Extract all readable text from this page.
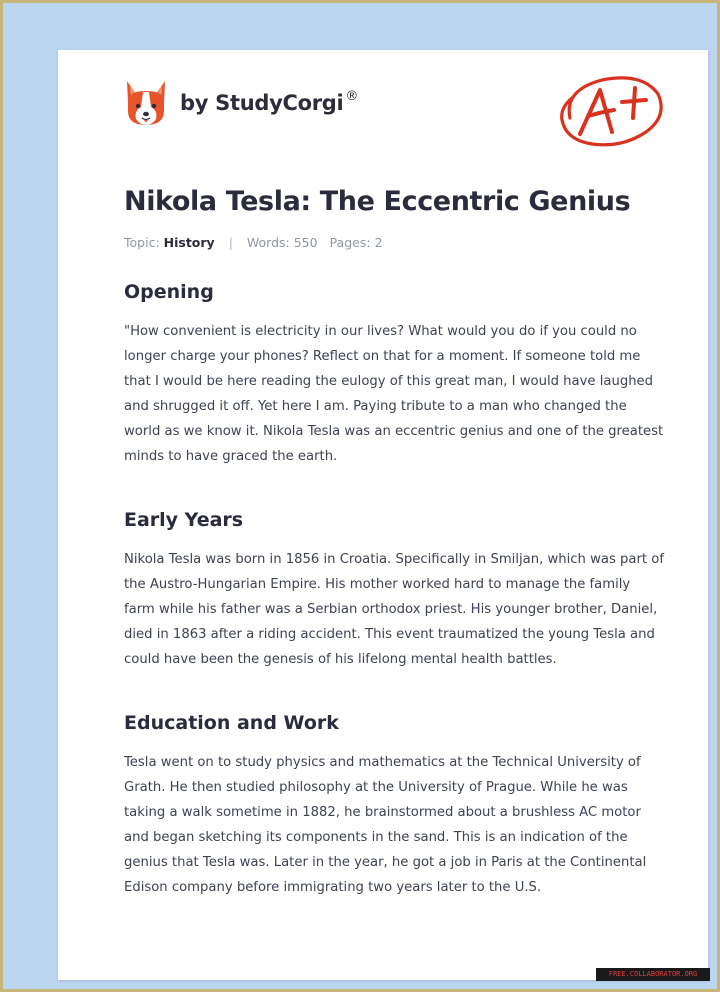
by StudyCorgi ®
Nikola Tesla: The Eccentric Genius
Topic: History | Words: 550 Pages: 2
Opening

"How convenient is electricity in our lives? What would you do if you could no longer charge your phones? Reflect on that for a moment. If someone told me that I would be here reading the eulogy of this great man, I would have laughed and shrugged it off. Yet here I am. Paying tribute to a man who changed the world as we know it. Nikola Tesla was an eccentric genius and one of the greatest minds to have graced the earth.

Early Years

Nikola Tesla was born in 1856 in Croatia. Specifically in Smiljan, which was part of the Austro-Hungarian Empire. His mother worked hard to manage the family farm while his father was a Serbian orthodox priest. His younger brother, Daniel, died in 1863 after a riding accident. This event traumatized the young Tesla and could have been the genesis of his lifelong mental health battles.

Education and Work

Tesla went on to study physics and mathematics at the Technical University of Grath. He then studied philosophy at the University of Prague. While he was taking a walk sometime in 1882, he brainstormed about a brushless AC motor and began sketching its components in the sand. This is an indication of the genius that Tesla was. Later in the year, he got a job in Paris at the Continental Edison company before immigrating two years later to the U.S.

FREE.COLLABORATOR.ORG
